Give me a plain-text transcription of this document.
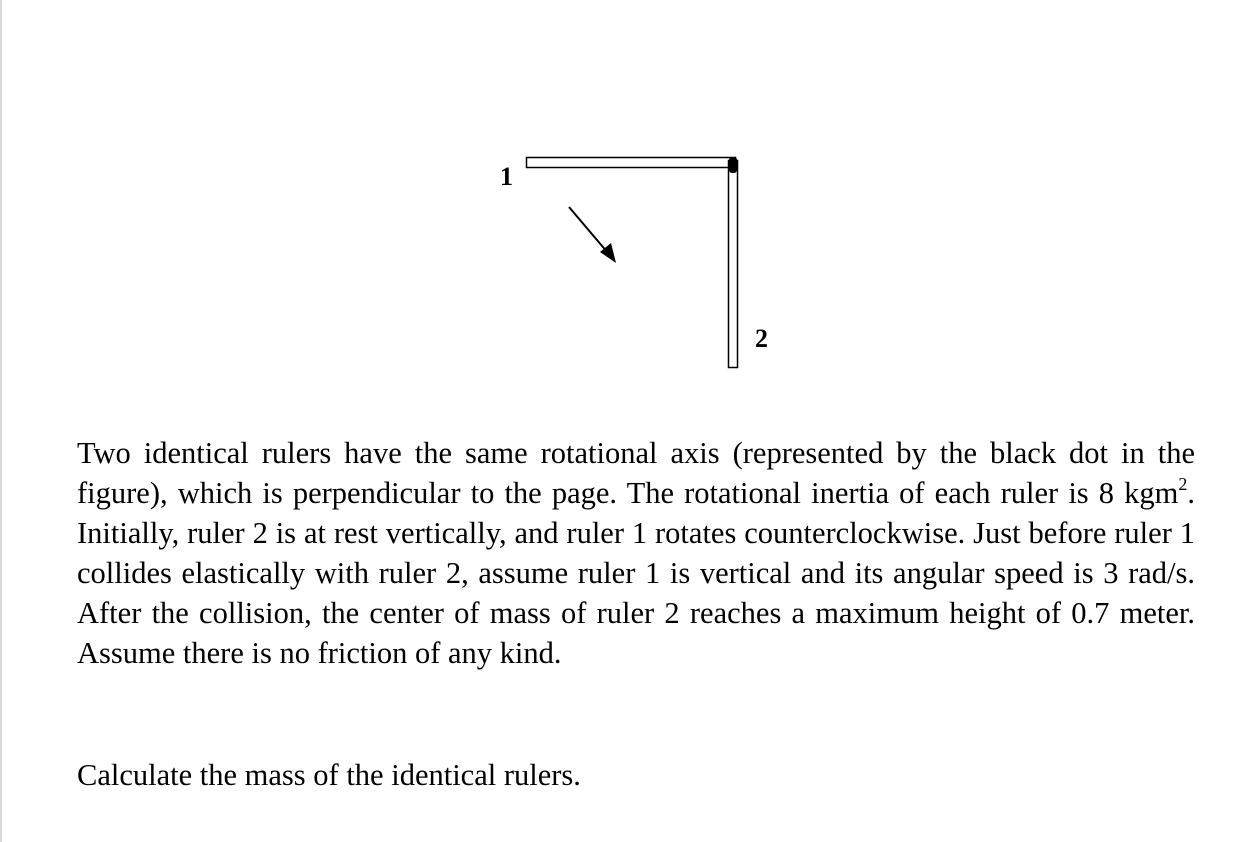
1
2

Two identical rulers have the same rotational axis (represented by the black dot in the figure), which is perpendicular to the page. The rotational inertia of each ruler is 8 kgm$^2$. Initially, ruler 2 is at rest vertically, and ruler 1 rotates counterclockwise. Just before ruler 1 collides elastically with ruler 2, assume ruler 1 is vertical and its angular speed is 3 rad/s. After the collision, the center of mass of ruler 2 reaches a maximum height of 0.7 meter. Assume there is no friction of any kind.

Calculate the mass of the identical rulers.
